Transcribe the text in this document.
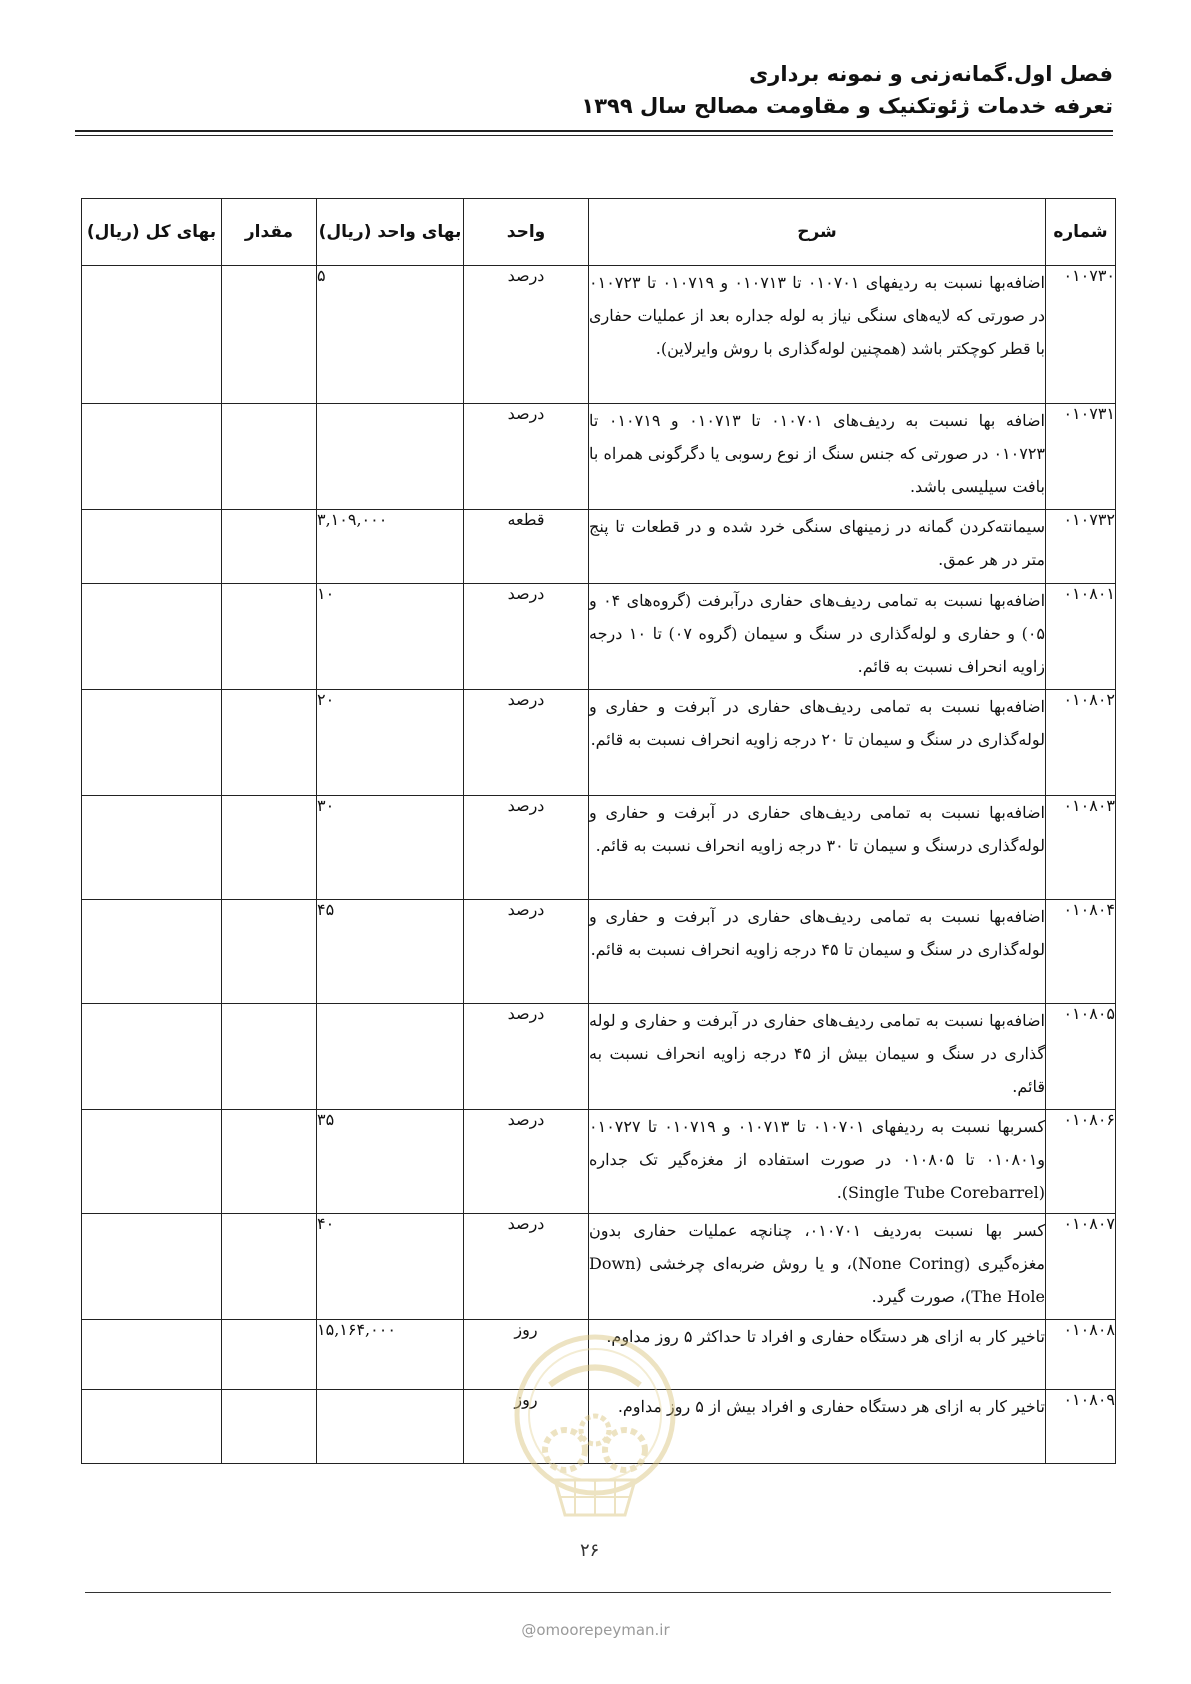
فصل اول.گمانه‌زنی و نمونه برداری
تعرفه خدمات ژئوتکنیک و مقاومت مصالح سال ۱۳۹۹
شماره	شرح	واحد	بهای واحد (ریال)	مقدار	بهای کل (ریال)
۰۱۰۷۳۰	اضافه‌بها نسبت به ردیفهای ۰۱۰۷۰۱ تا ۰۱۰۷۱۳ و ۰۱۰۷۱۹ تا ۰۱۰۷۲۳ در صورتی که لایه‌های سنگی نیاز به لوله جداره بعد از عملیات حفاری با قطر کوچکتر باشد (همچنین لوله‌گذاری با روش وایرلاین).	درصد	۵		
۰۱۰۷۳۱	اضافه بها نسبت به ردیف‌های ۰۱۰۷۰۱ تا ۰۱۰۷۱۳ و ۰۱۰۷۱۹ تا ۰۱۰۷۲۳ در صورتی که جنس سنگ از نوع رسوبی یا دگرگونی همراه با بافت سیلیسی باشد.	درصد			
۰۱۰۷۳۲	سیمانته‌کردن گمانه در زمینهای سنگی خرد شده و در قطعات تا پنج متر در هر عمق.	قطعه	۳,۱۰۹,۰۰۰		
۰۱۰۸۰۱	اضافه‌بها نسبت به تمامی ردیف‌های حفاری درآبرفت (گروه‌های ۰۴ و ۰۵) و حفاری و لوله‌گذاری در سنگ و سیمان (گروه ۰۷) تا ۱۰ درجه زاویه انحراف نسبت به قائم.	درصد	۱۰		
۰۱۰۸۰۲	اضافه‌بها نسبت به تمامی ردیف‌های حفاری در آبرفت و حفاری و لوله‌گذاری در سنگ و سیمان تا ۲۰ درجه زاویه انحراف نسبت به قائم.	درصد	۲۰		
۰۱۰۸۰۳	اضافه‌بها نسبت به تمامی ردیف‌های حفاری در آبرفت و حفاری و لوله‌گذاری درسنگ و سیمان تا ۳۰ درجه زاویه انحراف نسبت به قائم.	درصد	۳۰		
۰۱۰۸۰۴	اضافه‌بها نسبت به تمامی ردیف‌های حفاری در آبرفت و حفاری و لوله‌گذاری در سنگ و سیمان تا ۴۵ درجه زاویه انحراف نسبت به قائم.	درصد	۴۵		
۰۱۰۸۰۵	اضافه‌بها نسبت به تمامی ردیف‌های حفاری در آبرفت و حفاری و لوله گذاری در سنگ و سیمان بیش از ۴۵ درجه زاویه انحراف نسبت به قائم.	درصد			
۰۱۰۸۰۶	کسربها نسبت به ردیفهای ۰۱۰۷۰۱ تا ۰۱۰۷۱۳ و ۰۱۰۷۱۹ تا ۰۱۰۷۲۷ و۰۱۰۸۰۱ تا ۰۱۰۸۰۵ در صورت استفاده از مغزه‌گیر تک جداره (Single Tube Corebarrel).	درصد	۳۵		
۰۱۰۸۰۷	کسر بها نسبت به‌ردیف ۰۱۰۷۰۱، چنانچه عملیات حفاری بدون مغزه‌گیری (None Coring)، و یا روش ضربه‌ای چرخشی (Down The Hole)، صورت گیرد.	درصد	۴۰		
۰۱۰۸۰۸	تاخیر کار به ازای هر دستگاه حفاری و افراد تا حداکثر ۵ روز مداوم.	روز	۱۵,۱۶۴,۰۰۰		
۰۱۰۸۰۹	تاخیر کار به ازای هر دستگاه حفاری و افراد بیش از ۵ روز مداوم.	روز			
۲۶
@omoorepeyman.ir
